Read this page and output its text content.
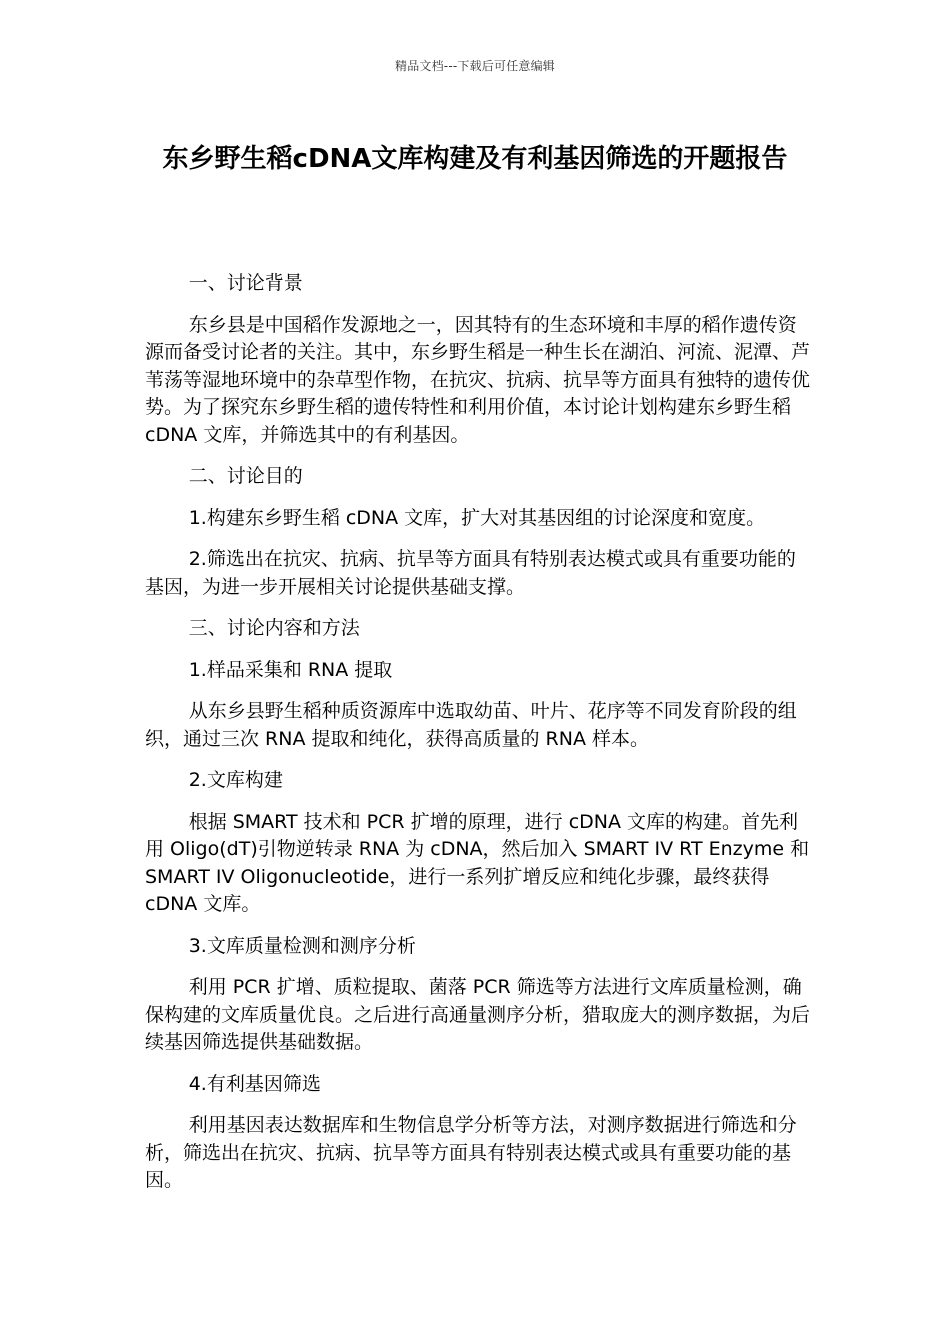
精品文档---下载后可任意编辑
东乡野生稻cDNA文库构建及有利基因筛选的开题报告

一、讨论背景

东乡县是中国稻作发源地之一，因其特有的生态环境和丰厚的稻作遗传资源而备受讨论者的关注。其中，东乡野生稻是一种生长在湖泊、河流、泥潭、芦苇荡等湿地环境中的杂草型作物，在抗灾、抗病、抗旱等方面具有独特的遗传优势。为了探究东乡野生稻的遗传特性和利用价值，本讨论计划构建东乡野生稻 cDNA 文库，并筛选其中的有利基因。

二、讨论目的

1.构建东乡野生稻 cDNA 文库，扩大对其基因组的讨论深度和宽度。

2.筛选出在抗灾、抗病、抗旱等方面具有特别表达模式或具有重要功能的基因，为进一步开展相关讨论提供基础支撑。

三、讨论内容和方法

1.样品采集和 RNA 提取

从东乡县野生稻种质资源库中选取幼苗、叶片、花序等不同发育阶段的组织，通过三次 RNA 提取和纯化，获得高质量的 RNA 样本。

2.文库构建

根据 SMART 技术和 PCR 扩增的原理，进行 cDNA 文库的构建。首先利用 Oligo(dT)引物逆转录 RNA 为 cDNA，然后加入 SMART IV RT Enzyme 和 SMART IV Oligonucleotide，进行一系列扩增反应和纯化步骤，最终获得 cDNA 文库。

3.文库质量检测和测序分析

利用 PCR 扩增、质粒提取、菌落 PCR 筛选等方法进行文库质量检测，确保构建的文库质量优良。之后进行高通量测序分析，猎取庞大的测序数据，为后续基因筛选提供基础数据。

4.有利基因筛选

利用基因表达数据库和生物信息学分析等方法，对测序数据进行筛选和分析，筛选出在抗灾、抗病、抗旱等方面具有特别表达模式或具有重要功能的基因。
